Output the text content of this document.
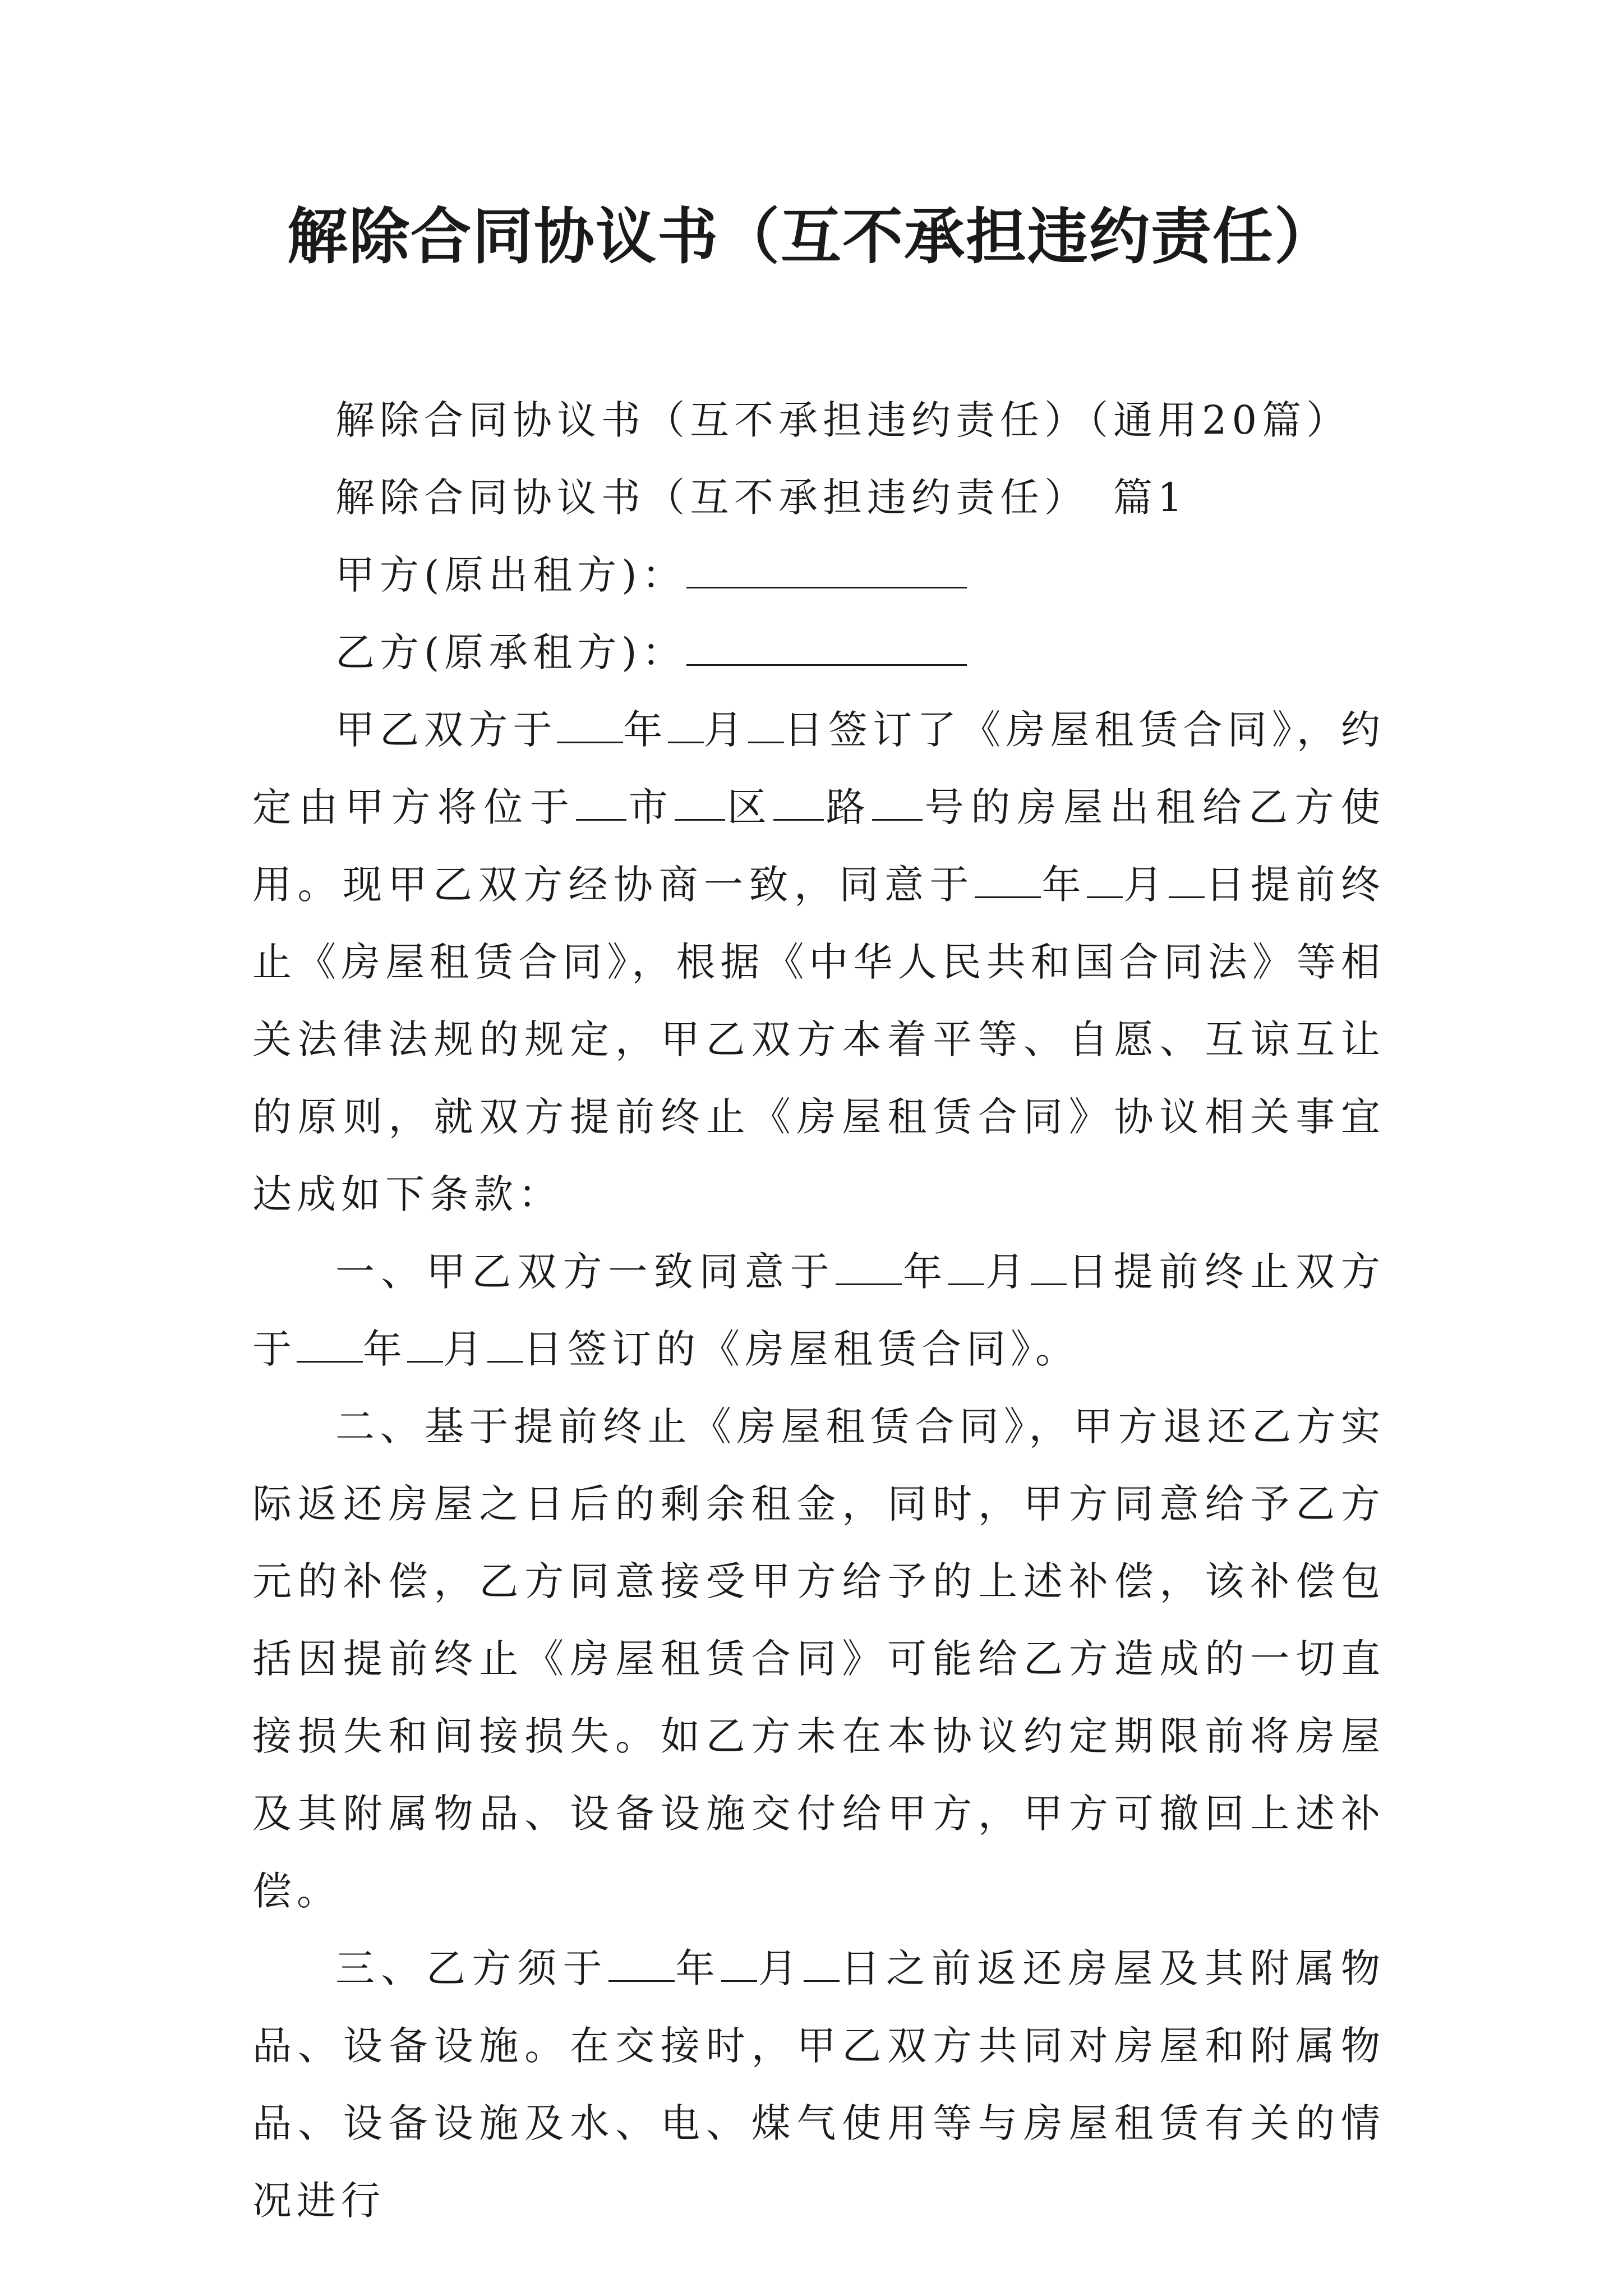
解除合同协议书（互不承担违约责任）
解除合同协议书（互不承担违约责任）（通用20篇）
解除合同协议书（互不承担违约责任）　篇1
甲方(原出租方)：
乙方(原承租方)：

甲乙双方于 年 月 日签订了《房屋租赁合同》，约定由甲方将位于 市 区 路 号的房屋出租给乙方使用。现甲乙双方经协商一致，同意于 年 月 日提前终止《房屋租赁合同》，根据《中华人民共和国合同法》等相关法律法规的规定，甲乙双方本着平等、自愿、互谅互让的原则，就双方提前终止《房屋租赁合同》协议相关事宜达成如下条款：

一、甲乙双方一致同意于 年 月 日提前终止双方于 年 月 日签订的《房屋租赁合同》。

二、基于提前终止《房屋租赁合同》，甲方退还乙方实际返还房屋之日后的剩余租金，同时，甲方同意给予乙方元的补偿，乙方同意接受甲方给予的上述补偿，该补偿包括因提前终止《房屋租赁合同》可能给乙方造成的一切直接损失和间接损失。如乙方未在本协议约定期限前将房屋及其附属物品、设备设施交付给甲方，甲方可撤回上述补偿。

三、乙方须于 年 月 日之前返还房屋及其附属物品、设备设施。在交接时，甲乙双方共同对房屋和附属物品、设备设施及水、电、煤气使用等与房屋租赁有关的情况进行
